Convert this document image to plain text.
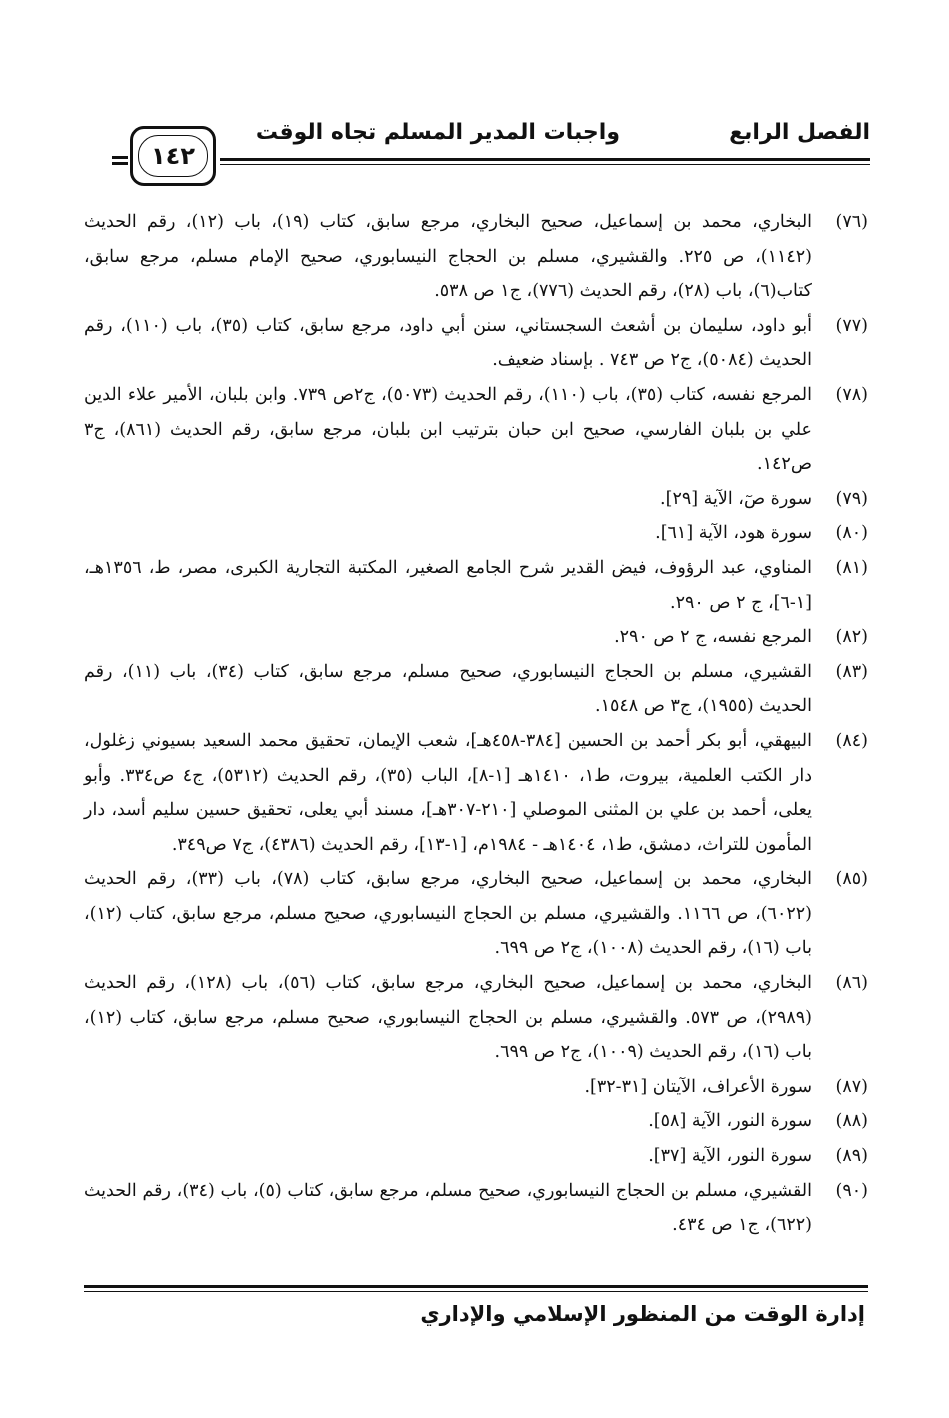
الفصل الرابع
واجبات المدير المسلم تجاه الوقت
١٤٢
(٧٦)
البخاري، محمد بن إسماعيل، صحيح البخاري، مرجع سابق، كتاب (١٩)، باب (١٢)، رقم الحديث (١١٤٢)، ص ٢٢٥. والقشيري، مسلم بن الحجاج النيسابوري، صحيح الإمام مسلم، مرجع سابق، كتاب(٦)، باب (٢٨)، رقم الحديث (٧٧٦)، ج١ ص ٥٣٨.
(٧٧)
أبو داود، سليمان بن أشعث السجستاني، سنن أبي داود، مرجع سابق، كتاب (٣٥)، باب (١١٠)، رقم الحديث (٥٠٨٤)، ج٢ ص ٧٤٣ . بإسناد ضعيف.
(٧٨)
المرجع نفسه، كتاب (٣٥)، باب (١١٠)، رقم الحديث (٥٠٧٣)، ج٢ص ٧٣٩. وابن بلبان، الأمير علاء الدين علي بن بلبان الفارسي، صحيح ابن حبان بترتيب ابن بلبان، مرجع سابق، رقم الحديث (٨٦١)، ج٣ ص١٤٢.
(٧٩)
سورة صٓ، الآية [٢٩].
(٨٠)
سورة هود، الآية [٦١].
(٨١)
المناوي، عبد الرؤوف، فيض القدير شرح الجامع الصغير، المكتبة التجارية الكبرى، مصر، ط، ١٣٥٦هـ، [١-٦]، ج ٢ ص ٢٩٠.
(٨٢)
المرجع نفسه، ج ٢ ص ٢٩٠.
(٨٣)
القشيري، مسلم بن الحجاج النيسابوري، صحيح مسلم، مرجع سابق، كتاب (٣٤)، باب (١١)، رقم الحديث (١٩٥٥)، ج٣ ص ١٥٤٨.
(٨٤)
البيهقي، أبو بكر أحمد بن الحسين [٣٨٤-٤٥٨هـ]، شعب الإيمان، تحقيق محمد السعيد بسيوني زغلول، دار الكتب العلمية، بيروت، ط١، ١٤١٠هـ [١-٨]، الباب (٣٥)، رقم الحديث (٥٣١٢)، ج٤ ص٣٣٤. وأبو يعلى، أحمد بن علي بن المثنى الموصلي [٢١٠-٣٠٧هـ]، مسند أبي يعلى، تحقيق حسين سليم أسد، دار المأمون للتراث، دمشق، ط١، ١٤٠٤هـ - ١٩٨٤م، [١-١٣]، رقم الحديث (٤٣٨٦)، ج٧ ص٣٤٩.
(٨٥)
البخاري، محمد بن إسماعيل، صحيح البخاري، مرجع سابق، كتاب (٧٨)، باب (٣٣)، رقم الحديث (٦٠٢٢)، ص ١١٦٦. والقشيري، مسلم بن الحجاج النيسابوري، صحيح مسلم، مرجع سابق، كتاب (١٢)، باب (١٦)، رقم الحديث (١٠٠٨)، ج٢ ص ٦٩٩.
(٨٦)
البخاري، محمد بن إسماعيل، صحيح البخاري، مرجع سابق، كتاب (٥٦)، باب (١٢٨)، رقم الحديث (٢٩٨٩)، ص ٥٧٣. والقشيري، مسلم بن الحجاج النيسابوري، صحيح مسلم، مرجع سابق، كتاب (١٢)، باب (١٦)، رقم الحديث (١٠٠٩)، ج٢ ص ٦٩٩.
(٨٧)
سورة الأعراف، الآيتان [٣١-٣٢].
(٨٨)
سورة النور، الآية [٥٨].
(٨٩)
سورة النور، الآية [٣٧].
(٩٠)
القشيري، مسلم بن الحجاج النيسابوري، صحيح مسلم، مرجع سابق، كتاب (٥)، باب (٣٤)، رقم الحديث (٦٢٢)، ج١ ص ٤٣٤.
إدارة الوقت من المنظور الإسلامي والإداري
